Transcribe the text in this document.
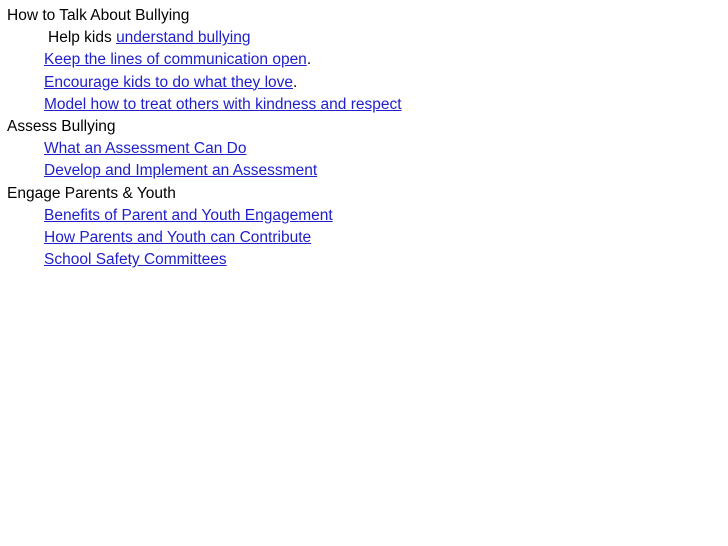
How to Talk About Bullying
Help kids understand bullying
Keep the lines of communication open.
Encourage kids to do what they love.
Model how to treat others with kindness and respect
Assess Bullying
What an Assessment Can Do
Develop and Implement an Assessment
Engage Parents & Youth
Benefits of Parent and Youth Engagement
How Parents and Youth can Contribute
School Safety Committees
